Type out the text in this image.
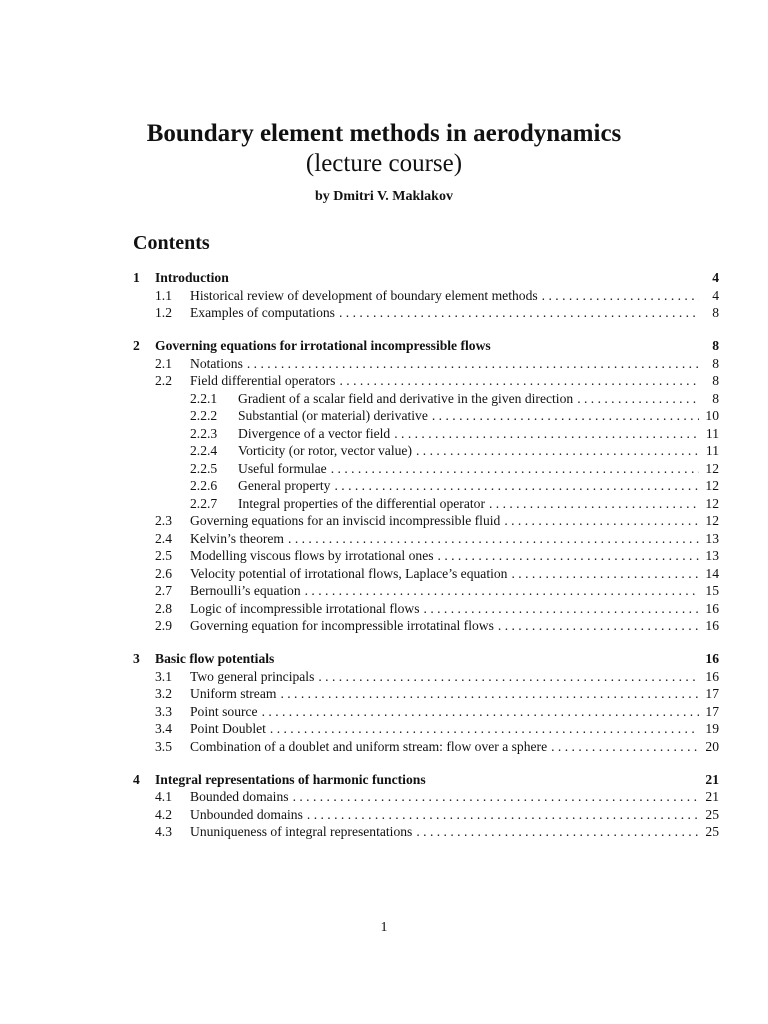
Boundary element methods in aerodynamics
(lecture course)
by Dmitri V. Maklakov
Contents
1	Introduction	4
1.1	Historical review of development of boundary element methods . . .	4
1.2	Examples of computations . . .	8
2	Governing equations for irrotational incompressible flows	8
2.1	Notations . . .	8
2.2	Field differential operators . . .	8
2.2.1	Gradient of a scalar field and derivative in the given direction . . .	8
2.2.2	Substantial (or material) derivative . . .	10
2.2.3	Divergence of a vector field . . .	11
2.2.4	Vorticity (or rotor, vector value) . . .	11
2.2.5	Useful formulae . . .	12
2.2.6	General property . . .	12
2.2.7	Integral properties of the differential operator . . .	12
2.3	Governing equations for an inviscid incompressible fluid . . .	12
2.4	Kelvin’s theorem . . .	13
2.5	Modelling viscous flows by irrotational ones . . .	13
2.6	Velocity potential of irrotational flows, Laplace’s equation . . .	14
2.7	Bernoulli’s equation . . .	15
2.8	Logic of incompressible irrotational flows . . .	16
2.9	Governing equation for incompressible irrotatinal flows . . .	16
3	Basic flow potentials	16
3.1	Two general principals . . .	16
3.2	Uniform stream . . .	17
3.3	Point source . . .	17
3.4	Point Doublet . . .	19
3.5	Combination of a doublet and uniform stream: flow over a sphere . . .	20
4	Integral representations of harmonic functions	21
4.1	Bounded domains . . .	21
4.2	Unbounded domains . . .	25
4.3	Ununiqueness of integral representations . . .	25
1
